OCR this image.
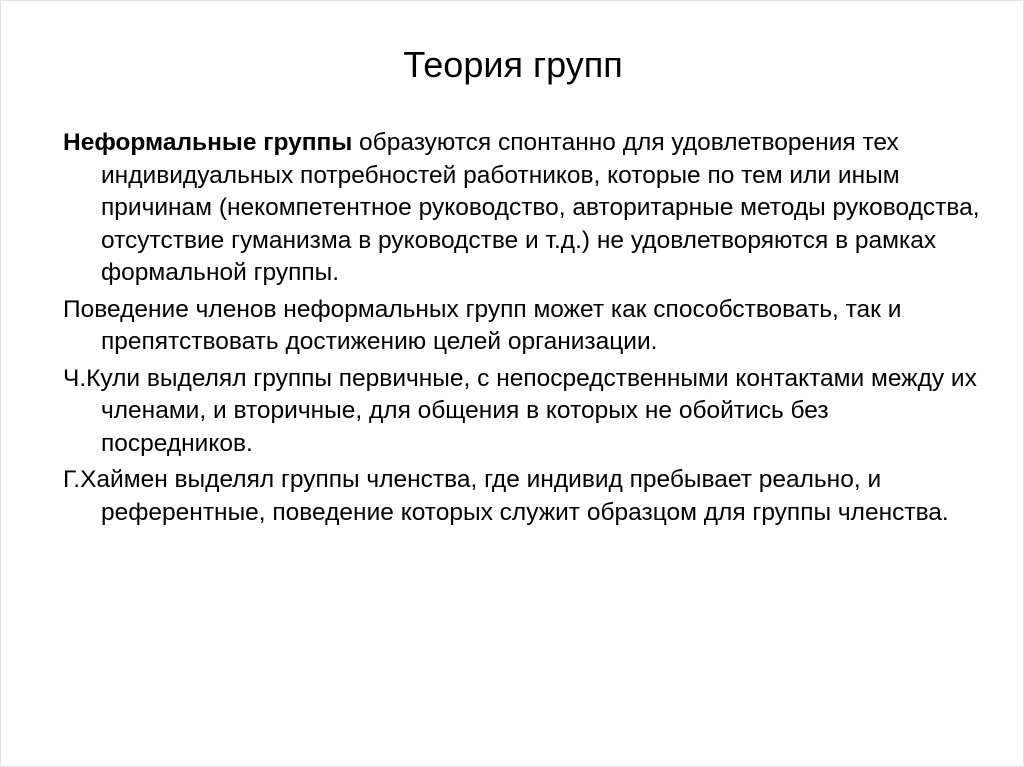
Теория групп

Неформальные группы образуются спонтанно для удовлетворения тех индивидуальных потребностей работников, которые по тем или иным причинам (некомпетентное руководство, авторитарные методы руководства, отсутствие гуманизма в руководстве и т.д.) не удовлетворяются в рамках формальной группы.

Поведение членов неформальных групп может как способствовать, так и препятствовать достижению целей организации.

Ч.Кули выделял группы первичные, с непосредственными контактами между их членами, и вторичные, для общения в которых не обойтись без посредников.

Г.Хаймен выделял группы членства, где индивид пребывает реально, и референтные, поведение которых служит образцом для группы членства.
